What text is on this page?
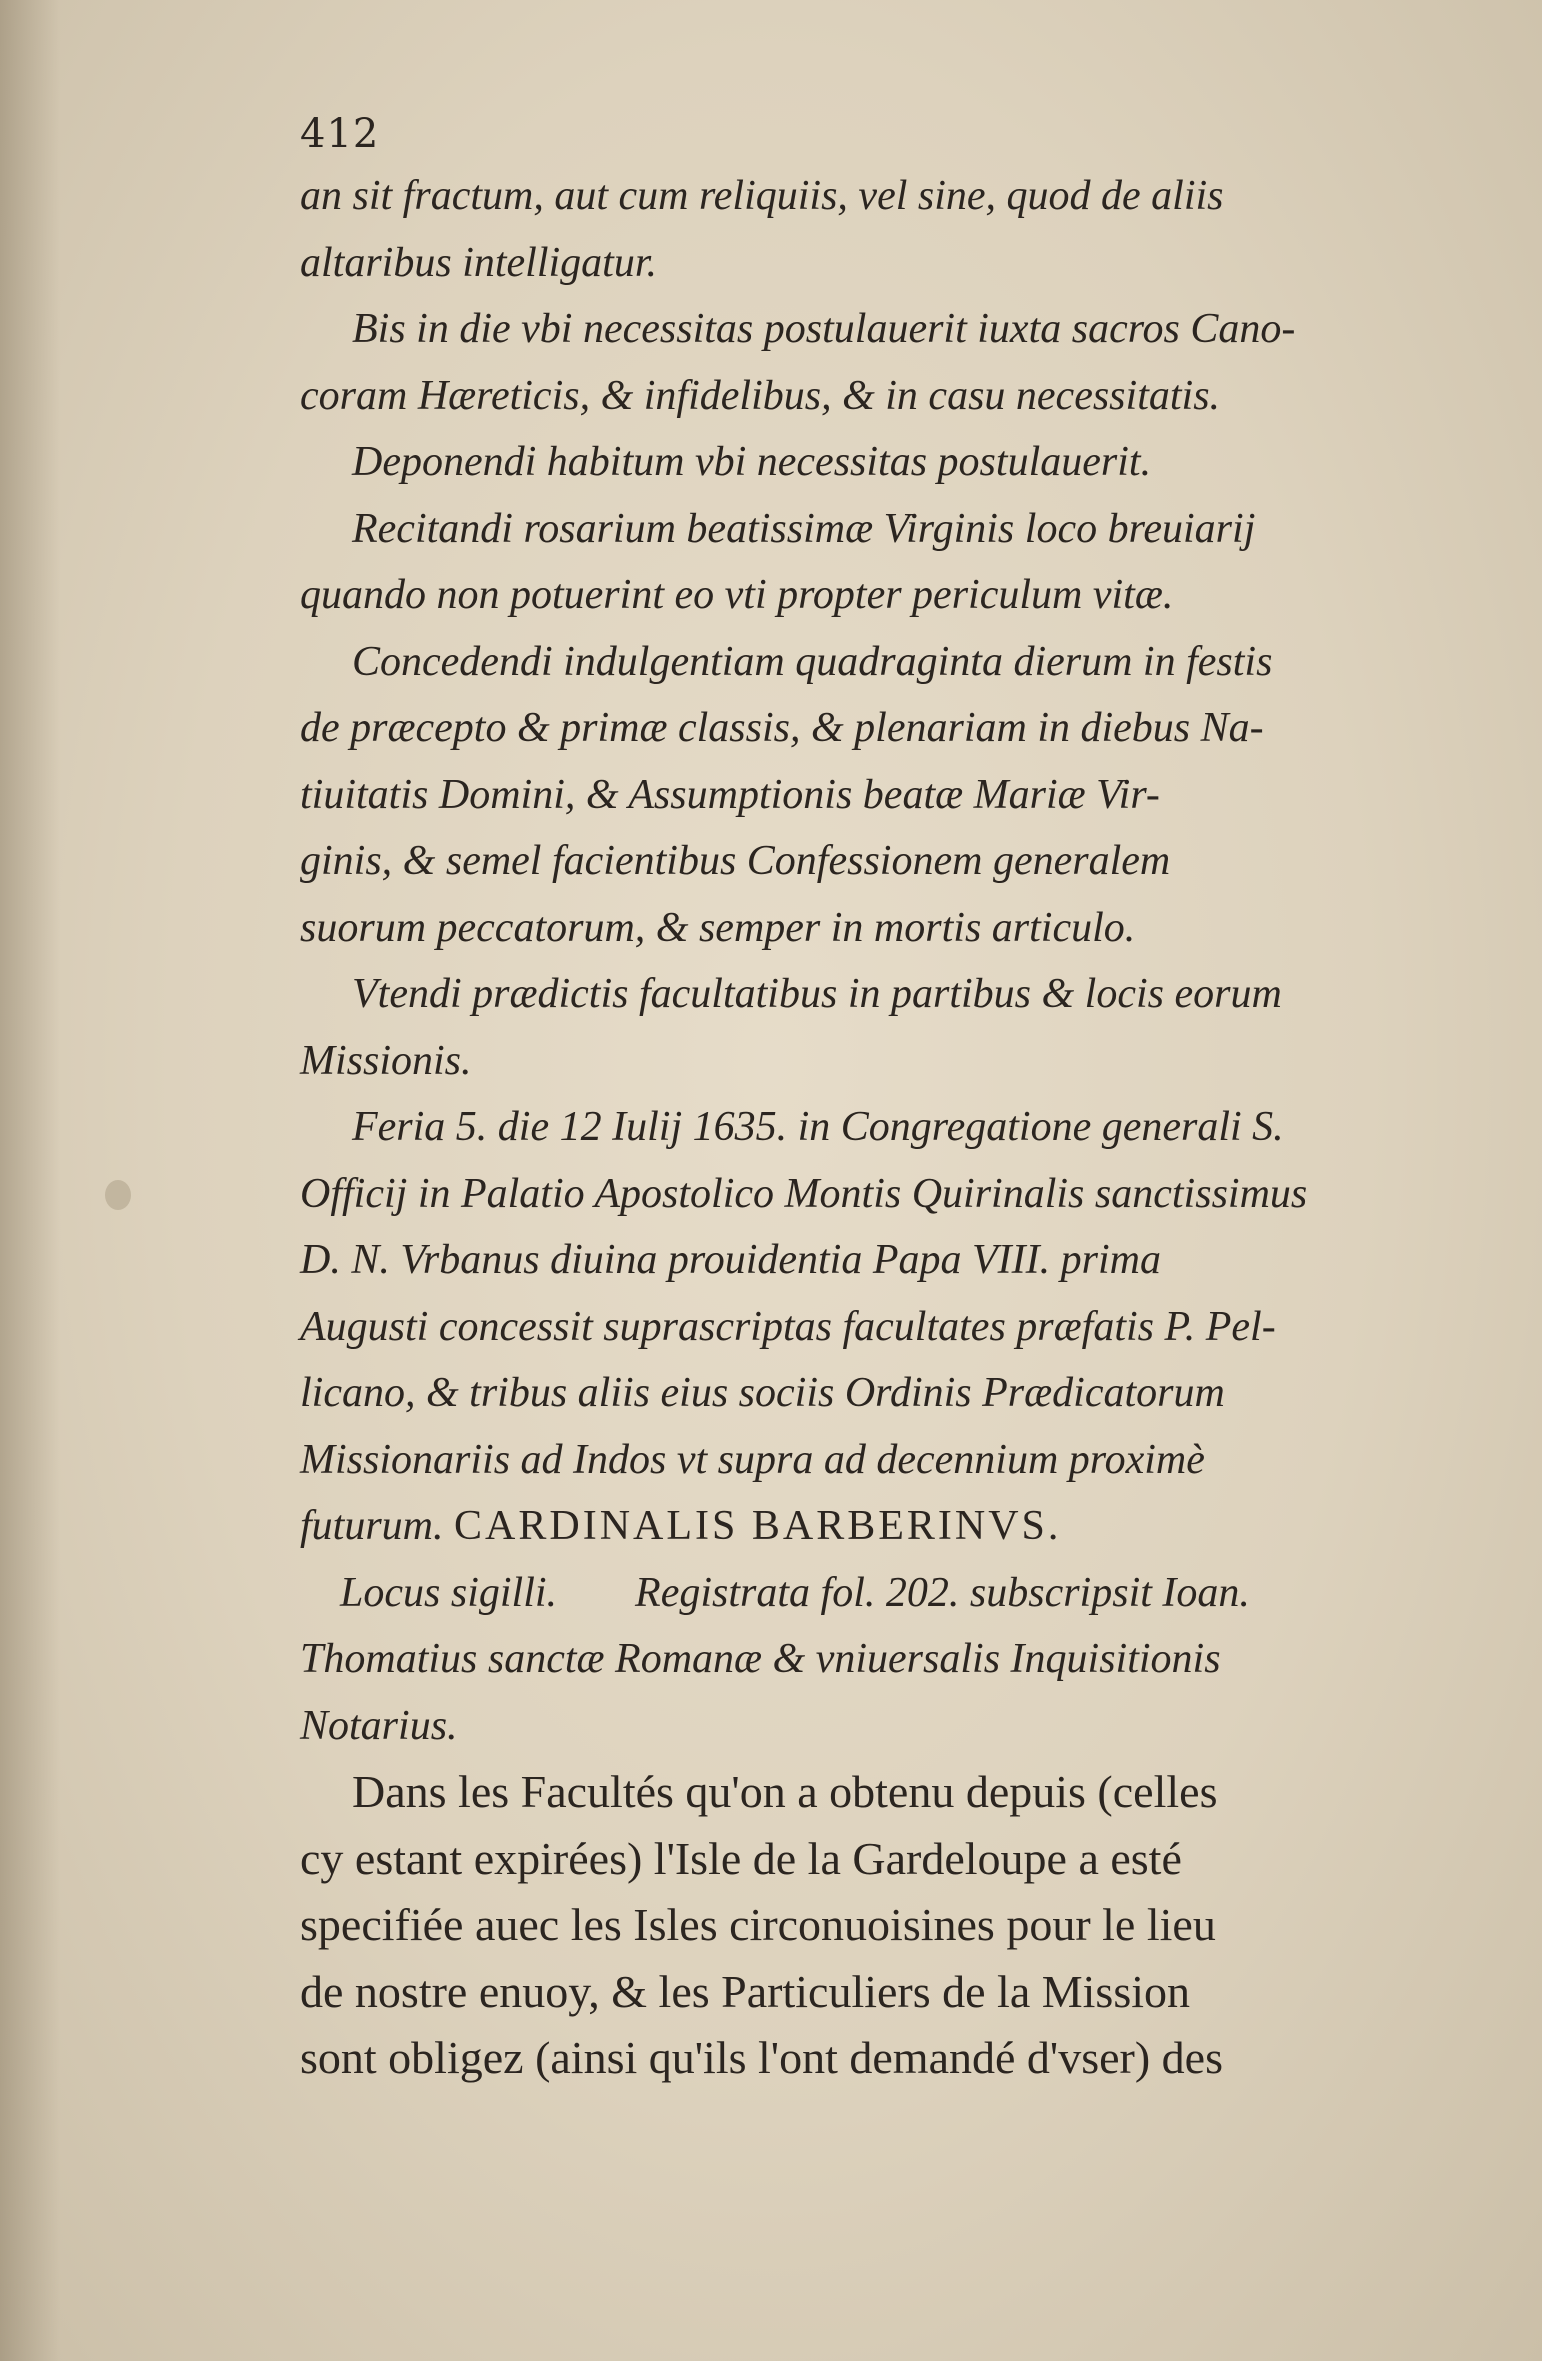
412
an sit fractum, aut cum reliquiis, vel sine, quod de aliis
altaribus intelligatur.
Bis in die vbi necessitas postulauerit iuxta sacros Cano-
coram Hæreticis, & infidelibus, & in casu necessitatis.
Deponendi habitum vbi necessitas postulauerit.
Recitandi rosarium beatissimæ Virginis loco breuiarij
quando non potuerint eo vti propter periculum vitæ.
Concedendi indulgentiam quadraginta dierum in festis
de præcepto & primæ classis, & plenariam in diebus Na-
tiuitatis Domini, & Assumptionis beatæ Mariæ Vir-
ginis, & semel facientibus Confessionem generalem
suorum peccatorum, & semper in mortis articulo.
Vtendi prædictis facultatibus in partibus & locis eorum
Missionis.
Feria 5. die 12 Iulij 1635. in Congregatione generali S.
Officij in Palatio Apostolico Montis Quirinalis sanctissimus
D. N. Vrbanus diuina prouidentia Papa VIII. prima
Augusti concessit suprascriptas facultates præfatis P. Pel-
licano, & tribus aliis eius sociis Ordinis Prædicatorum
Missionariis ad Indos vt supra ad decennium proximè
futurum. CARDINALIS BARBERINVS.
Locus sigilli. Registrata fol. 202. subscripsit Ioan.
Thomatius sanctæ Romanæ & vniuersalis Inquisitionis
Notarius.
Dans les Facultés qu'on a obtenu depuis (celles
cy estant expirées) l'Isle de la Gardeloupe a esté
specifiée auec les Isles circonuoisines pour le lieu
de nostre enuoy, & les Particuliers de la Mission
sont obligez (ainsi qu'ils l'ont demandé d'vser) des
